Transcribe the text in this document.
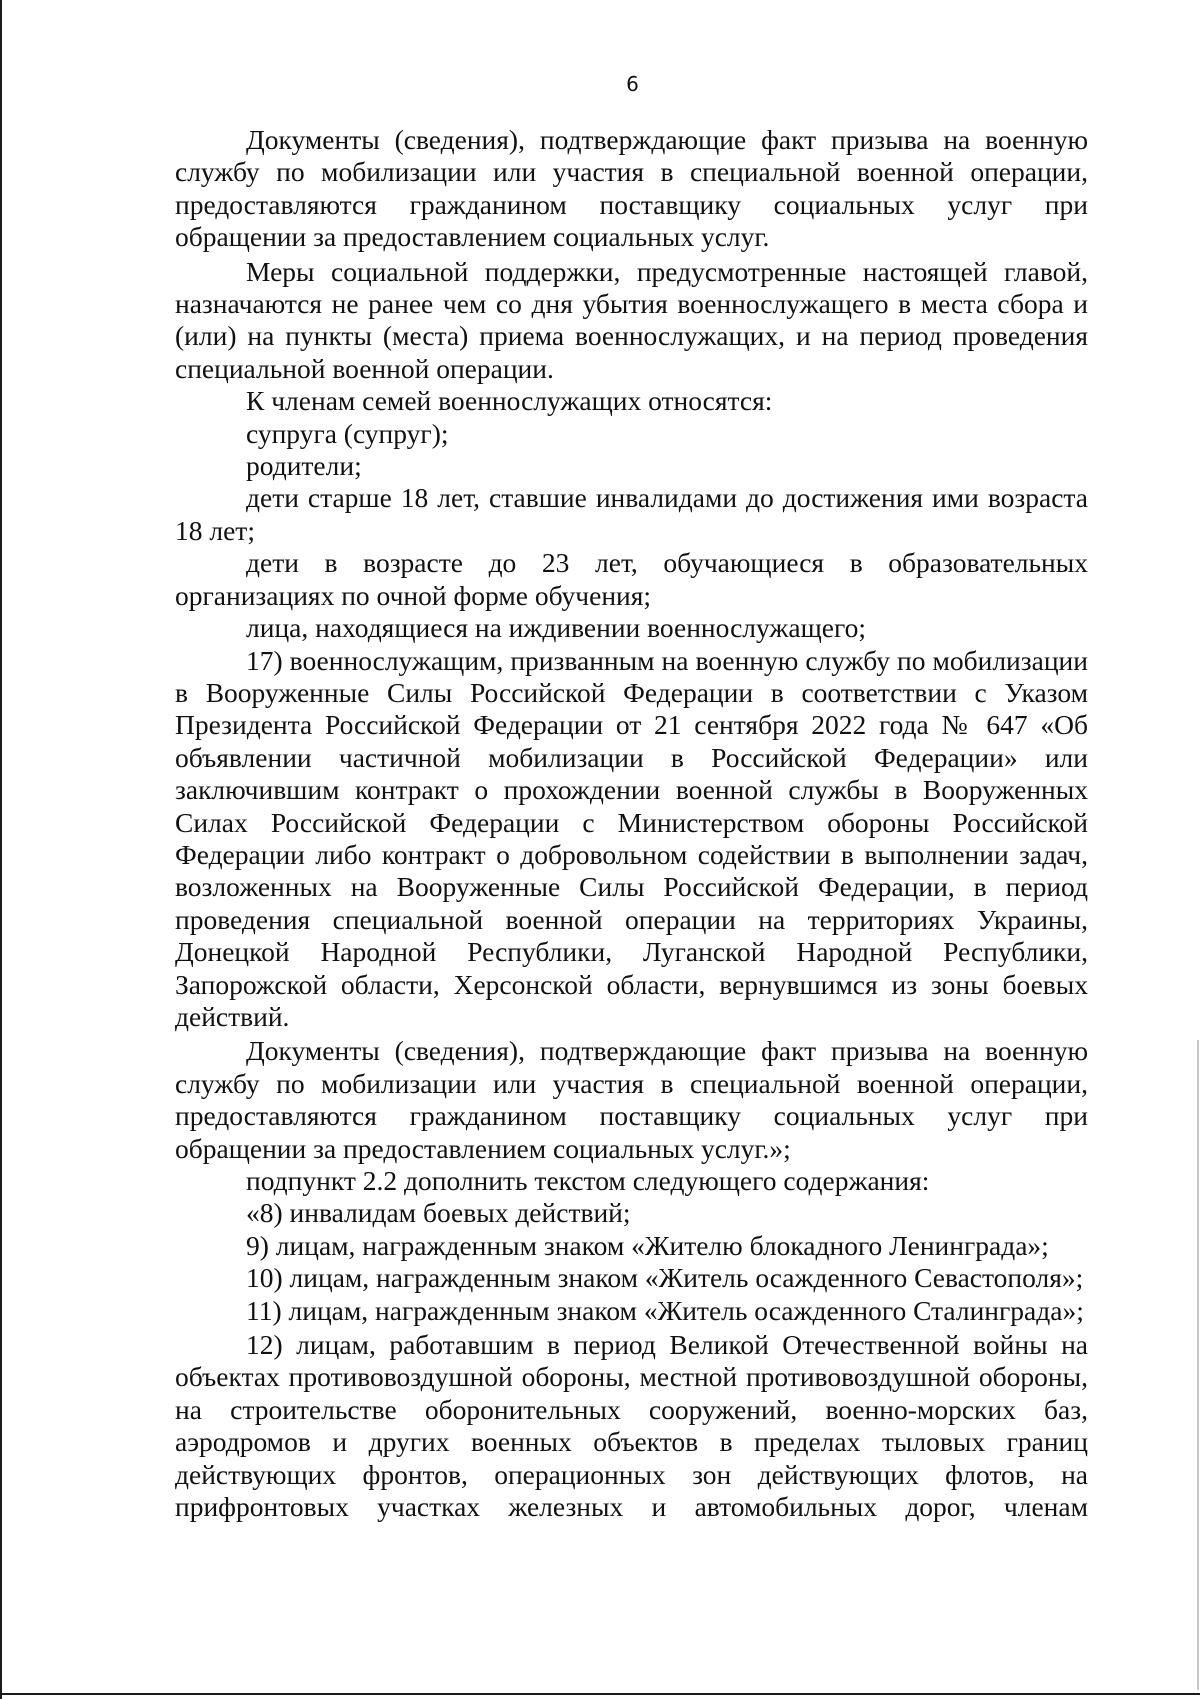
6

Документы (сведения), подтверждающие факт призыва на военную службу по мобилизации или участия в специальной военной операции, предоставляются гражданином поставщику социальных услуг при обращении за предоставлением социальных услуг.

Меры социальной поддержки, предусмотренные настоящей главой, назначаются не ранее чем со дня убытия военнослужащего в места сбора и (или) на пункты (места) приема военнослужащих, и на период проведения специальной военной операции.

К членам семей военнослужащих относятся:

супруга (супруг);

родители;

дети старше 18 лет, ставшие инвалидами до достижения ими возраста 18 лет;

дети в возрасте до 23 лет, обучающиеся в образовательных организациях по очной форме обучения;

лица, находящиеся на иждивении военнослужащего;

17) военнослужащим, призванным на военную службу по мобилизации в Вооруженные Силы Российской Федерации в соответствии с Указом Президента Российской Федерации от 21 сентября 2022 года № 647 «Об объявлении частичной мобилизации в Российской Федерации» или заключившим контракт о прохождении военной службы в Вооруженных Силах Российской Федерации с Министерством обороны Российской Федерации либо контракт о добровольном содействии в выполнении задач, возложенных на Вооруженные Силы Российской Федерации, в период проведения специальной военной операции на территориях Украины, Донецкой Народной Республики, Луганской Народной Республики, Запорожской области, Херсонской области, вернувшимся из зоны боевых действий.

Документы (сведения), подтверждающие факт призыва на военную службу по мобилизации или участия в специальной военной операции, предоставляются гражданином поставщику социальных услуг при обращении за предоставлением социальных услуг.»;

подпункт 2.2 дополнить текстом следующего содержания:

«8) инвалидам боевых действий;

9) лицам, награжденным знаком «Жителю блокадного Ленинграда»;

10) лицам, награжденным знаком «Житель осажденного Севастополя»;

11) лицам, награжденным знаком «Житель осажденного Сталинграда»;

12) лицам, работавшим в период Великой Отечественной войны на объектах противовоздушной обороны, местной противовоздушной обороны, на строительстве оборонительных сооружений, военно-морских баз, аэродромов и других военных объектов в пределах тыловых границ действующих фронтов, операционных зон действующих флотов, на прифронтовых участках железных и автомобильных дорог, членам
